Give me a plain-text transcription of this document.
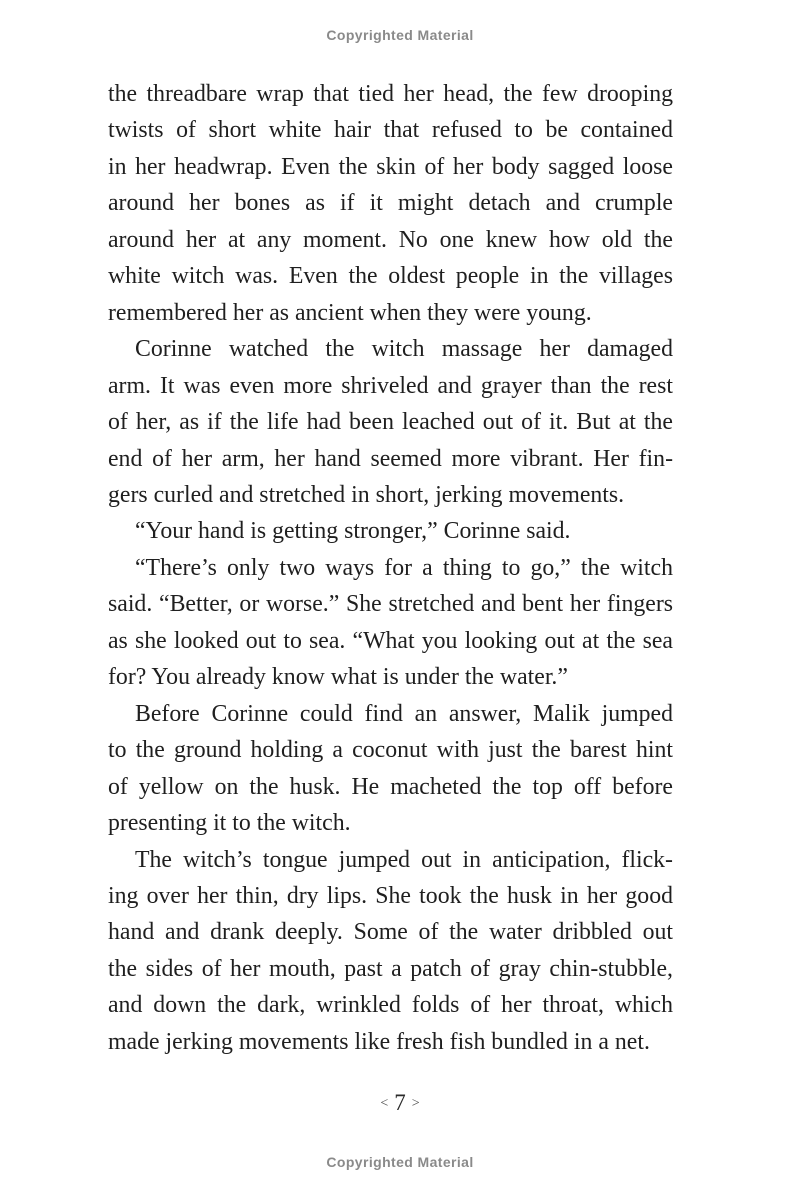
Copyrighted Material
the threadbare wrap that tied her head, the few drooping
twists of short white hair that refused to be contained
in her headwrap. Even the skin of her body sagged loose
around her bones as if it might detach and crumple
around her at any moment. No one knew how old the
white witch was. Even the oldest people in the villages
remembered her as ancient when they were young.
Corinne watched the witch massage her damaged
arm. It was even more shriveled and grayer than the rest
of her, as if the life had been leached out of it. But at the
end of her arm, her hand seemed more vibrant. Her fin-
gers curled and stretched in short, jerking movements.
“Your hand is getting stronger,” Corinne said.
“There’s only two ways for a thing to go,” the witch
said. “Better, or worse.” She stretched and bent her fingers
as she looked out to sea. “What you looking out at the sea
for? You already know what is under the water.”
Before Corinne could find an answer, Malik jumped
to the ground holding a coconut with just the barest hint
of yellow on the husk. He macheted the top off before
presenting it to the witch.
The witch’s tongue jumped out in anticipation, flick-
ing over her thin, dry lips. She took the husk in her good
hand and drank deeply. Some of the water dribbled out
the sides of her mouth, past a patch of gray chin-stubble,
and down the dark, wrinkled folds of her throat, which
made jerking movements like fresh fish bundled in a net.
< 7 >
Copyrighted Material
